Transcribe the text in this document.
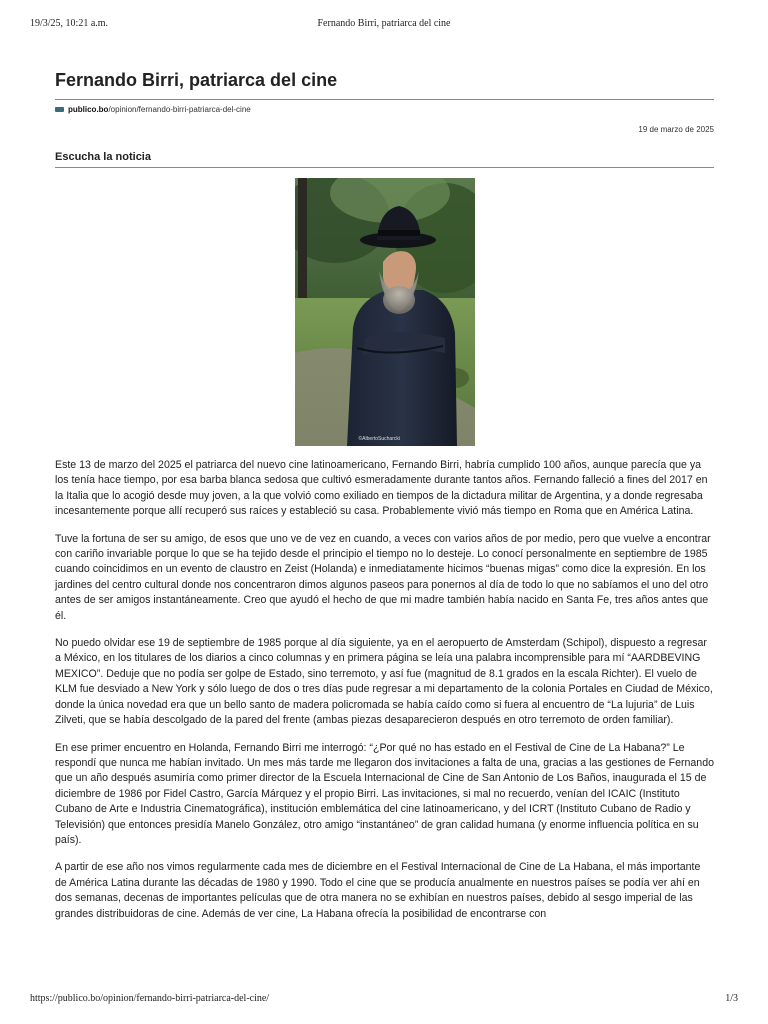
19/3/25, 10:21 a.m.	Fernando Birri, patriarca del cine
Fernando Birri, patriarca del cine
publico.bo /opinion/fernando-birri-patriarca-del-cine
19 de marzo de 2025
Escucha la noticia
©AlbertoSucharcki

Este 13 de marzo del 2025 el patriarca del nuevo cine latinoamericano, Fernando Birri, habría cumplido 100 años, aunque parecía que ya los tenía hace tiempo, por esa barba blanca sedosa que cultivó esmeradamente durante tantos años. Fernando falleció a fines del 2017 en la Italia que lo acogió desde muy joven, a la que volvió como exiliado en tiempos de la dictadura militar de Argentina, y a donde regresaba incesantemente porque allí recuperó sus raíces y estableció su casa. Probablemente vivió más tiempo en Roma que en América Latina.

Tuve la fortuna de ser su amigo, de esos que uno ve de vez en cuando, a veces con varios años de por medio, pero que vuelve a encontrar con cariño invariable porque lo que se ha tejido desde el principio el tiempo no lo desteje. Lo conocí personalmente en septiembre de 1985 cuando coincidimos en un evento de claustro en Zeist (Holanda) e inmediatamente hicimos “buenas migas” como dice la expresión. En los jardines del centro cultural donde nos concentraron dimos algunos paseos para ponernos al día de todo lo que no sabíamos el uno del otro antes de ser amigos instantáneamente. Creo que ayudó el hecho de que mi madre también había nacido en Santa Fe, tres años antes que él.

No puedo olvidar ese 19 de septiembre de 1985 porque al día siguiente, ya en el aeropuerto de Amsterdam (Schipol), dispuesto a regresar a México, en los titulares de los diarios a cinco columnas y en primera página se leía una palabra incomprensible para mí “AARDBEVING MEXICO”. Deduje que no podía ser golpe de Estado, sino terremoto, y así fue (magnitud de 8.1 grados en la escala Richter). El vuelo de KLM fue desviado a New York y sólo luego de dos o tres días pude regresar a mi departamento de la colonia Portales en Ciudad de México, donde la única novedad era que un bello santo de madera policromada se había caído como si fuera al encuentro de “La lujuria” de Luis Zilveti, que se había descolgado de la pared del frente (ambas piezas desaparecieron después en otro terremoto de orden familiar).

En ese primer encuentro en Holanda, Fernando Birri me interrogó: “¿Por qué no has estado en el Festival de Cine de La Habana?” Le respondí que nunca me habían invitado. Un mes más tarde me llegaron dos invitaciones a falta de una, gracias a las gestiones de Fernando que un año después asumiría como primer director de la Escuela Internacional de Cine de San Antonio de Los Baños, inaugurada el 15 de diciembre de 1986 por Fidel Castro, García Márquez y el propio Birri. Las invitaciones, si mal no recuerdo, venían del ICAIC (Instituto Cubano de Arte e Industria Cinematográfica), institución emblemática del cine latinoamericano, y del ICRT (Instituto Cubano de Radio y Televisión) que entonces presidía Manelo González, otro amigo “instantáneo” de gran calidad humana (y enorme influencia política en su país).

A partir de ese año nos vimos regularmente cada mes de diciembre en el Festival Internacional de Cine de La Habana, el más importante de América Latina durante las décadas de 1980 y 1990. Todo el cine que se producía anualmente en nuestros países se podía ver ahí en dos semanas, decenas de importantes películas que de otra manera no se exhibían en nuestros países, debido al sesgo imperial de las grandes distribuidoras de cine. Además de ver cine, La Habana ofrecía la posibilidad de encontrarse con

https://publico.bo/opinion/fernando-birri-patriarca-del-cine/	1/3
